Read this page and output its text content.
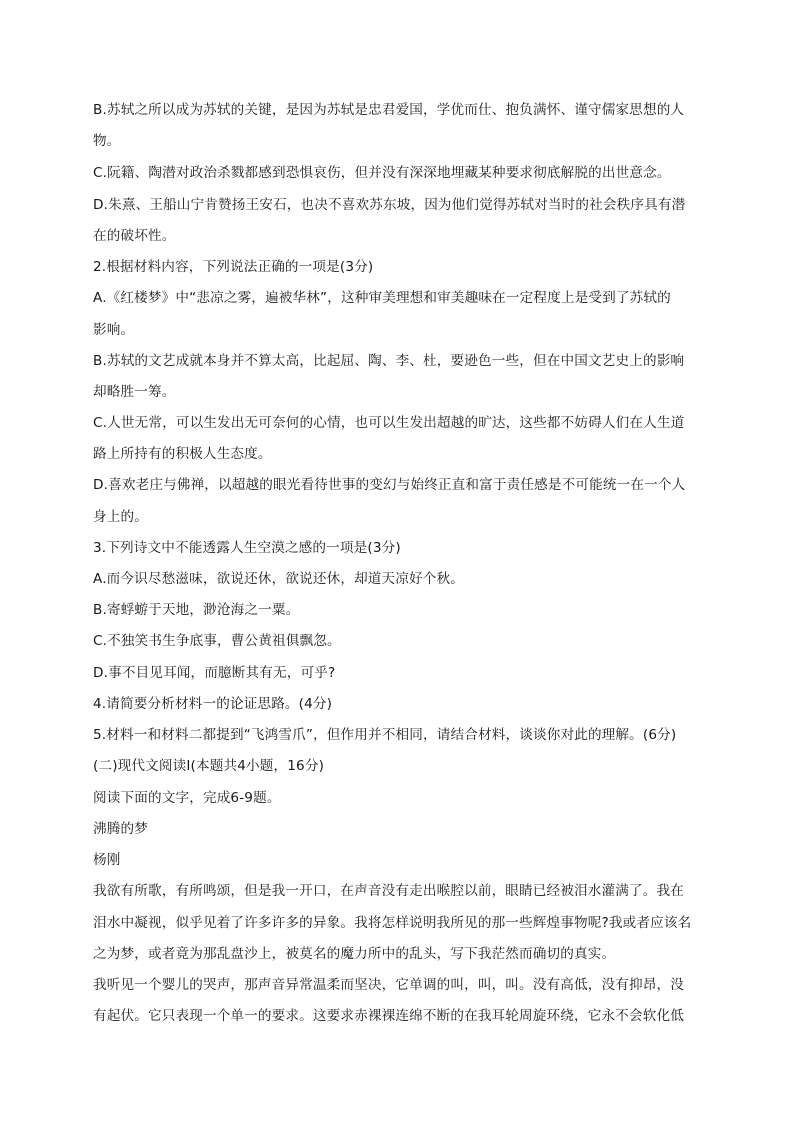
B.苏轼之所以成为苏轼的关键，是因为苏轼是忠君爱国，学优而仕、抱负满怀、谨守儒家思想的人
物。
C.阮籍、陶潜对政治杀戮都感到恐惧哀伤，但并没有深深地埋藏某种要求彻底解脱的出世意念。
D.朱熹、王船山宁肯赞扬王安石，也决不喜欢苏东坡，因为他们觉得苏轼对当时的社会秩序具有潜
在的破坏性。
2.根据材料内容，下列说法正确的一项是(3分)
A.《红楼梦》中“悲凉之雾，遍被华林”，这种审美理想和审美趣味在一定程度上是受到了苏轼的
影响。
B.苏轼的文艺成就本身并不算太高，比起屈、陶、李、杜，要逊色一些，但在中国文艺史上的影响
却略胜一筹。
C.人世无常，可以生发出无可奈何的心情，也可以生发出超越的旷达，这些都不妨碍人们在人生道
路上所持有的积极人生态度。
D.喜欢老庄与佛禅，以超越的眼光看待世事的变幻与始终正直和富于责任感是不可能统一在一个人
身上的。
3.下列诗文中不能透露人生空漠之感的一项是(3分)
A.而今识尽愁滋味，欲说还休，欲说还休，却道天凉好个秋。
B.寄蜉蝣于天地，渺沧海之一粟。
C.不独笑书生争底事，曹公黄祖俱飘忽。
D.事不目见耳闻，而臆断其有无，可乎?
4.请简要分析材料一的论证思路。(4分)
5.材料一和材料二都提到“飞鸿雪爪”，但作用并不相同，请结合材料，谈谈你对此的理解。(6分)
(二)现代文阅读Ⅰ(本题共4小题，16分)
阅读下面的文字，完成6-9题。
沸腾的梦
杨刚
我欲有所歌，有所鸣颂，但是我一开口，在声音没有走出喉腔以前，眼睛已经被泪水灌满了。我在
泪水中凝视，似乎见着了许多许多的异象。我将怎样说明我所见的那一些辉煌事物呢?我或者应该名
之为梦，或者竟为那乱盘沙上，被莫名的魔力所中的乱头，写下我茫然而确切的真实。
我听见一个婴儿的哭声，那声音异常温柔而坚决，它单调的叫，叫，叫。没有高低，没有抑昂，没
有起伏。它只表现一个单一的要求。这要求赤裸裸连绵不断的在我耳轮周旋环绕，它永不会软化低
